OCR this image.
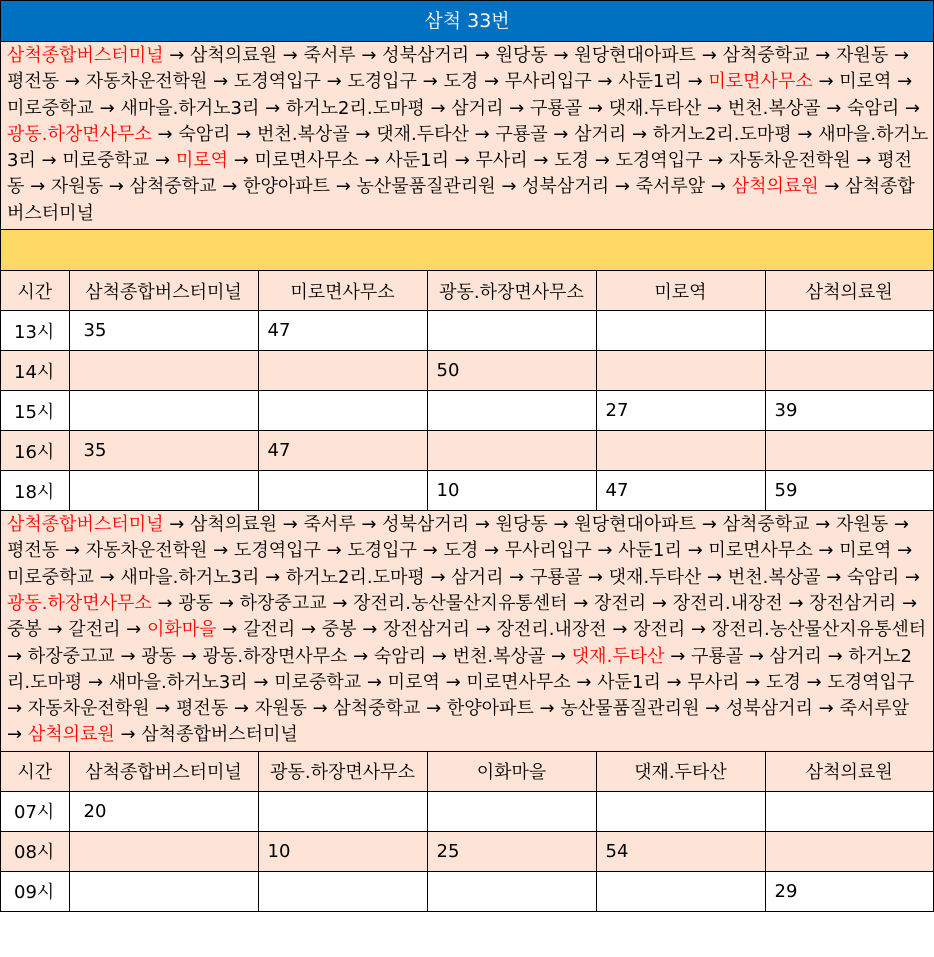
삼척 33번
삼척종합버스터미널 → 삼척의료원 → 죽서루 → 성북삼거리 → 원당동 → 원당현대아파트 → 삼척중학교 → 자원동 → 평전동 → 자동차운전학원 → 도경역입구 → 도경입구 → 도경 → 무사리입구 → 사둔1리 → 미로면사무소 → 미로역 → 미로중학교 → 새마을.하거노3리 → 하거노2리.도마평 → 삼거리 → 구룡골 → 댓재.두타산 → 번천.복상골 → 숙암리 → 광동.하장면사무소 → 숙암리 → 번천.복상골 → 댓재.두타산 → 구룡골 → 삼거리 → 하거노2리.도마평 → 새마을.하거노3리 → 미로중학교 → 미로역 → 미로면사무소 → 사둔1리 → 무사리 → 도경 → 도경역입구 → 자동차운전학원 → 평전동 → 자원동 → 삼척중학교 → 한양아파트 → 농산물품질관리원 → 성북삼거리 → 죽서루앞 → 삼척의료원 → 삼척종합버스터미널
시간	삼척종합버스터미널	미로면사무소	광동.하장면사무소	미로역	삼척의료원
13시	35	47			
14시			50		
15시				27	39
16시	35	47			
18시			10	47	59
삼척종합버스터미널 → 삼척의료원 → 죽서루 → 성북삼거리 → 원당동 → 원당현대아파트 → 삼척중학교 → 자원동 → 평전동 → 자동차운전학원 → 도경역입구 → 도경입구 → 도경 → 무사리입구 → 사둔1리 → 미로면사무소 → 미로역 → 미로중학교 → 새마을.하거노3리 → 하거노2리.도마평 → 삼거리 → 구룡골 → 댓재.두타산 → 번천.복상골 → 숙암리 → 광동.하장면사무소 → 광동 → 하장중고교 → 장전리.농산물산지유통센터 → 장전리 → 장전리.내장전 → 장전삼거리 → 중봉 → 갈전리 → 이화마을 → 갈전리 → 중봉 → 장전삼거리 → 장전리.내장전 → 장전리 → 장전리.농산물산지유통센터 → 하장중고교 → 광동 → 광동.하장면사무소 → 숙암리 → 번천.복상골 → 댓재.두타산 → 구룡골 → 삼거리 → 하거노2리.도마평 → 새마을.하거노3리 → 미로중학교 → 미로역 → 미로면사무소 → 사둔1리 → 무사리 → 도경 → 도경역입구 → 자동차운전학원 → 평전동 → 자원동 → 삼척중학교 → 한양아파트 → 농산물품질관리원 → 성북삼거리 → 죽서루앞 → 삼척의료원 → 삼척종합버스터미널
시간	삼척종합버스터미널	광동.하장면사무소	이화마을	댓재.두타산	삼척의료원
07시	20				
08시		10	25	54	
09시					29
